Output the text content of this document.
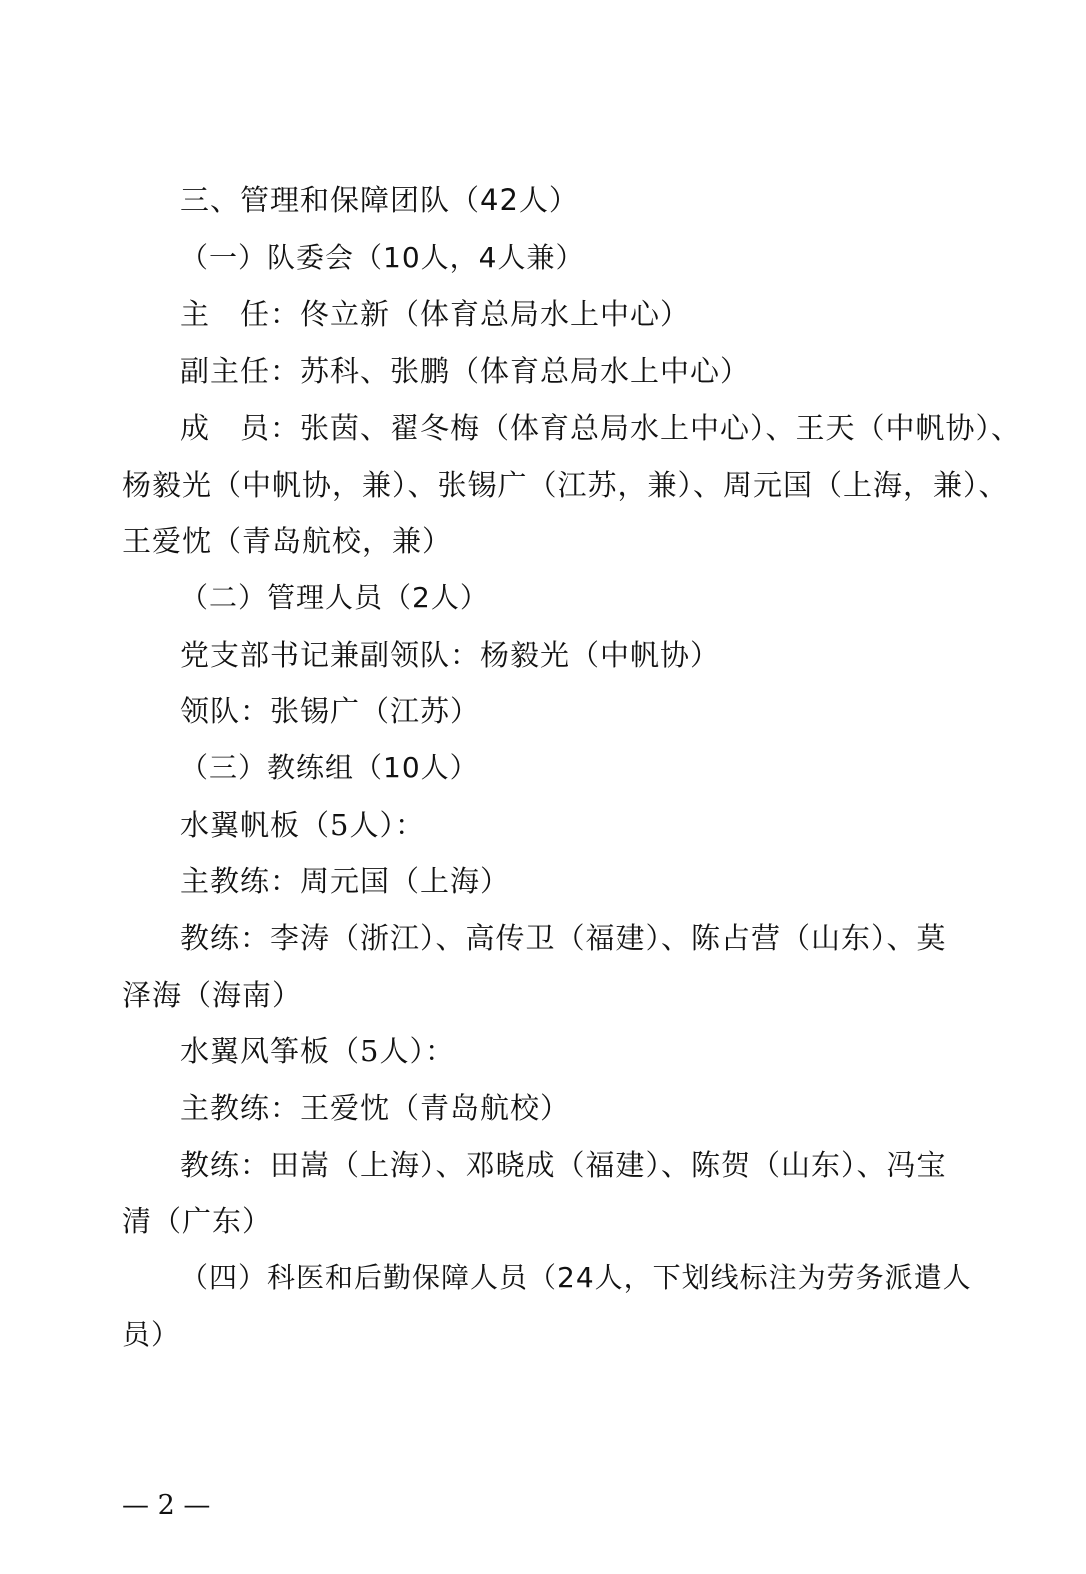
三、管理和保障团队（42人）
（一）队委会（10人，4人兼）
主　任：佟立新（体育总局水上中心）
副主任：苏科、张鹏（体育总局水上中心）
成　员：张茵、翟冬梅（体育总局水上中心）、王天（中帆协）、
杨毅光（中帆协，兼）、张锡广（江苏，兼）、周元国（上海，兼）、
王爱忱（青岛航校，兼）
（二）管理人员（2人）
党支部书记兼副领队：杨毅光（中帆协）
领队：张锡广（江苏）
（三）教练组（10人）
水翼帆板（5人）：
主教练：周元国（上海）
教练：李涛（浙江）、高传卫（福建）、陈占营（山东）、莫
泽海（海南）
水翼风筝板（5人）：
主教练：王爱忱（青岛航校）
教练：田嵩（上海）、邓晓成（福建）、陈贺（山东）、冯宝
清（广东）
（四）科医和后勤保障人员（24人，下划线标注为劳务派遣人
员）
— 2 —
